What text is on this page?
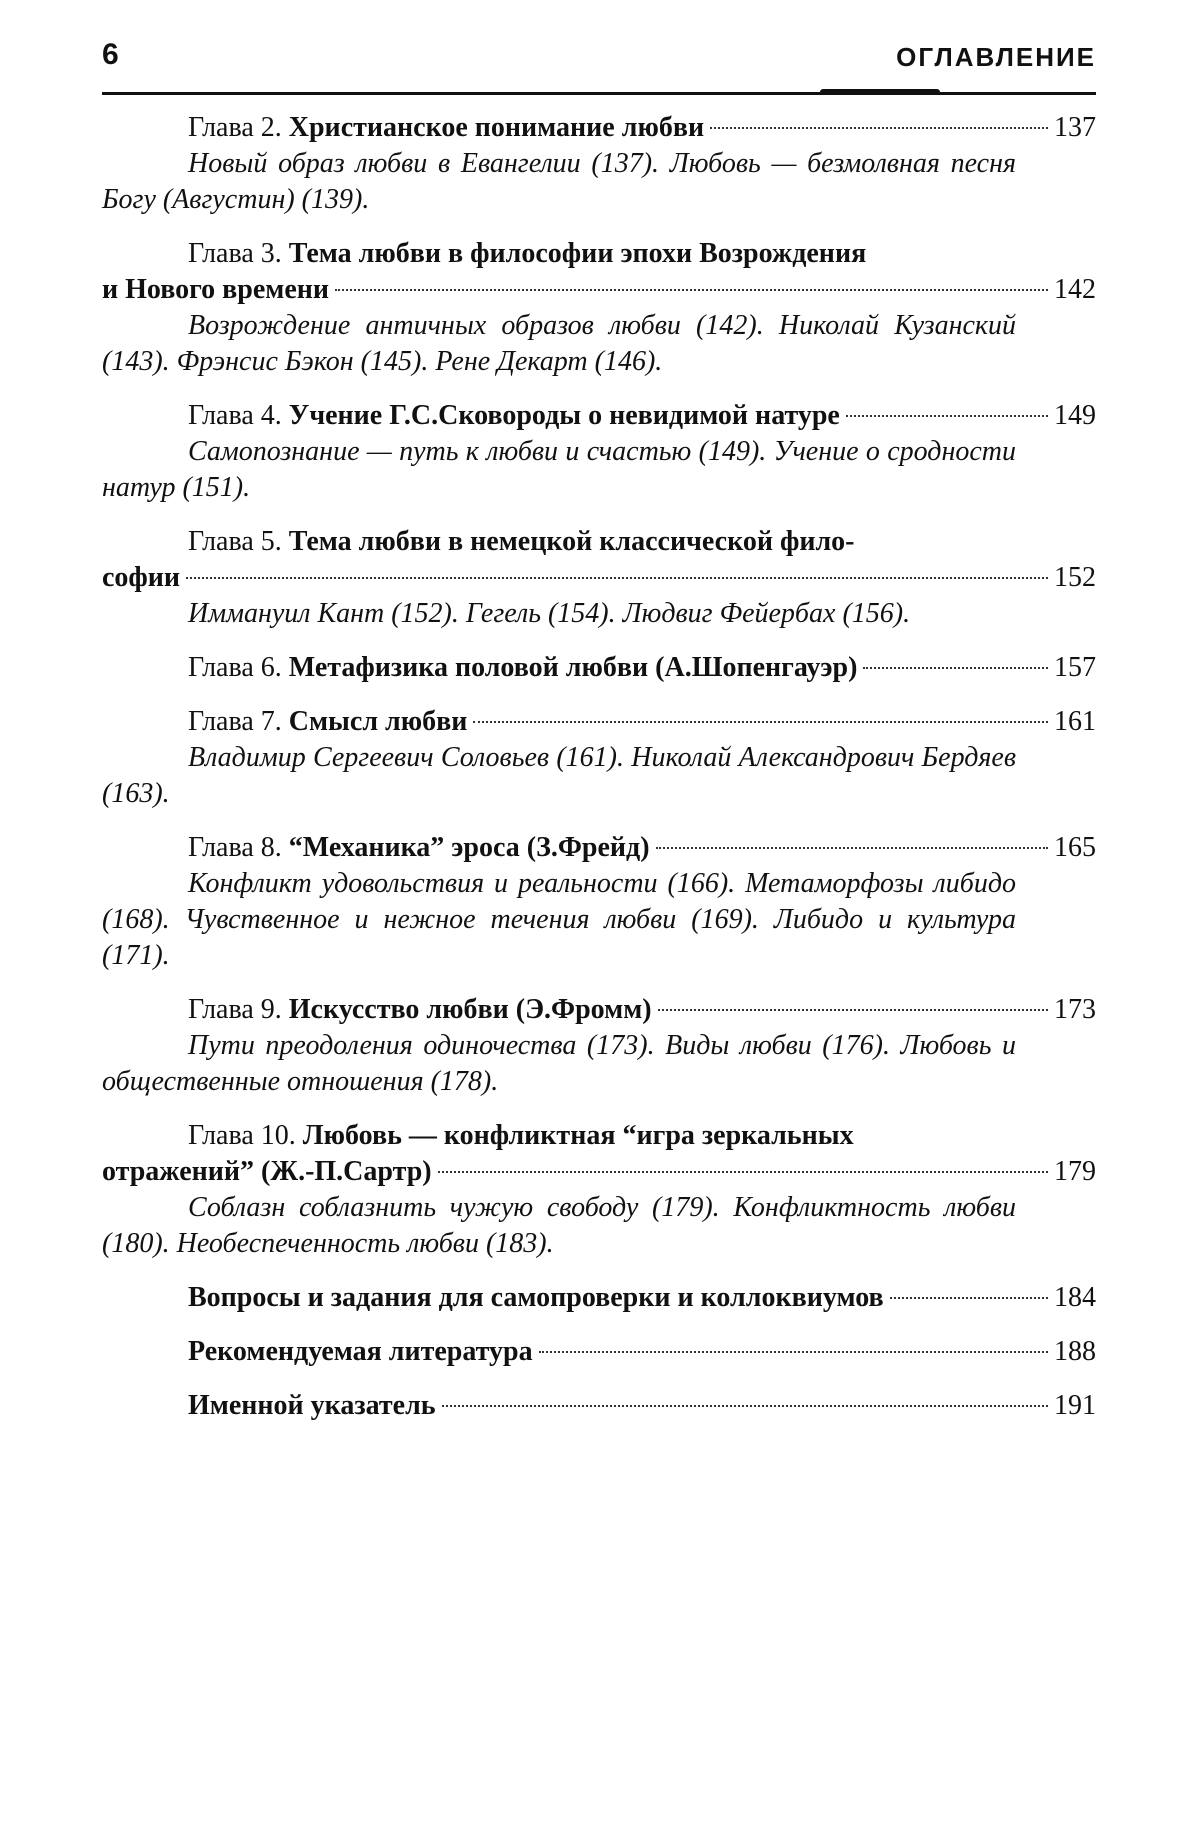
6	ОГЛАВЛЕНИЕ
Глава 2. Христианское понимание любви	137
Новый образ любви в Евангелии (137). Любовь — безмолвная песня Богу (Августин) (139).
Глава 3. Тема любви в философии эпохи Возрождения
и Нового времени	142
Возрождение античных образов любви (142). Николай Кузанский (143). Фрэнсис Бэкон (145). Рене Декарт (146).
Глава 4. Учение Г.С.Сковороды о невидимой натуре	149
Самопознание — путь к любви и счастью (149). Учение о сродности натур (151).
Глава 5. Тема любви в немецкой классической фило-
софии	152
Иммануил Кант (152). Гегель (154). Людвиг Фейербах (156).
Глава 6. Метафизика половой любви (А.Шопенгауэр)	157
Глава 7. Смысл любви	161
Владимир Сергеевич Соловьев (161). Николай Александрович Бердяев (163).
Глава 8. “Механика” эроса (З.Фрейд)	165
Конфликт удовольствия и реальности (166). Метаморфозы либидо (168). Чувственное и нежное течения любви (169). Либидо и культура (171).
Глава 9. Искусство любви (Э.Фромм)	173
Пути преодоления одиночества (173). Виды любви (176). Любовь и общественные отношения (178).
Глава 10. Любовь — конфликтная “игра зеркальных
отражений” (Ж.-П.Сартр)	179
Соблазн соблазнить чужую свободу (179). Конфликтность любви (180). Необеспеченность любви (183).
Вопросы и задания для самопроверки и коллоквиумов	184
Рекомендуемая литература	188
Именной указатель	191
